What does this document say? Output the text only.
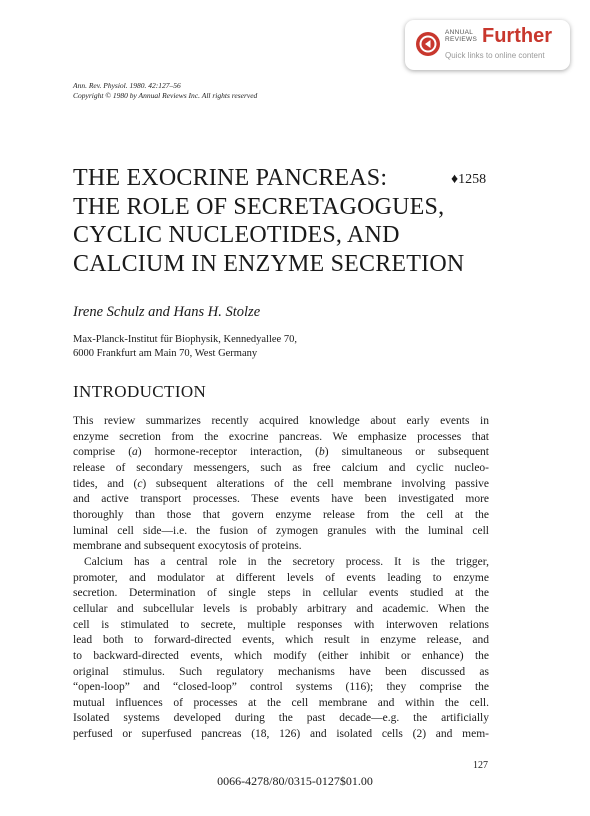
ANNUAL
REVIEWS Further
Quick links to online content
Ann. Rev. Physiol. 1980. 42:127–56
Copyright © 1980 by Annual Reviews Inc. All rights reserved
THE EXOCRINE PANCREAS:
THE ROLE OF SECRETAGOGUES,
CYCLIC NUCLEOTIDES, AND
CALCIUM IN ENZYME SECRETION
♦1258
Irene Schulz and Hans H. Stolze
Max-Planck-Institut für Biophysik, Kennedyallee 70,
6000 Frankfurt am Main 70, West Germany
INTRODUCTION
This review summarizes recently acquired knowledge about early events in
enzyme secretion from the exocrine pancreas. We emphasize processes that
comprise (a) hormone-receptor interaction, (b) simultaneous or subsequent
release of secondary messengers, such as free calcium and cyclic nucleo-
tides, and (c) subsequent alterations of the cell membrane involving passive
and active transport processes. These events have been investigated more
thoroughly than those that govern enzyme release from the cell at the
luminal cell side—i.e. the fusion of zymogen granules with the luminal cell
membrane and subsequent exocytosis of proteins.
Calcium has a central role in the secretory process. It is the trigger,
promoter, and modulator at different levels of events leading to enzyme
secretion. Determination of single steps in cellular events studied at the
cellular and subcellular levels is probably arbitrary and academic. When the
cell is stimulated to secrete, multiple responses with interwoven relations
lead both to forward-directed events, which result in enzyme release, and
to backward-directed events, which modify (either inhibit or enhance) the
original stimulus. Such regulatory mechanisms have been discussed as
“open-loop” and “closed-loop” control systems (116); they comprise the
mutual influences of processes at the cell membrane and within the cell.
Isolated systems developed during the past decade—e.g. the artificially
perfused or superfused pancreas (18, 126) and isolated cells (2) and mem-
127
0066-4278/80/0315-0127$01.00
